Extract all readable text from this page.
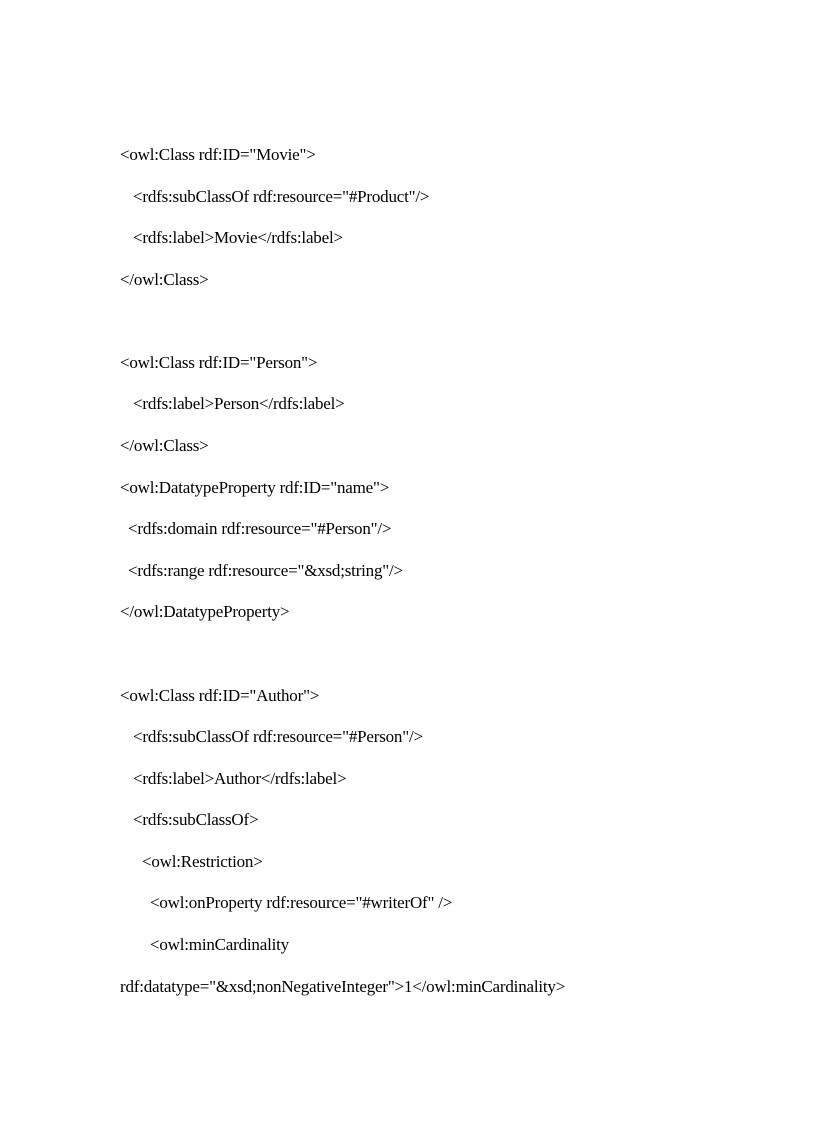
<owl:Class rdf:ID="Movie">
<rdfs:subClassOf rdf:resource="#Product"/>
<rdfs:label>Movie</rdfs:label>
</owl:Class>
<owl:Class rdf:ID="Person">
<rdfs:label>Person</rdfs:label>
</owl:Class>
<owl:DatatypeProperty rdf:ID="name">
<rdfs:domain rdf:resource="#Person"/>
<rdfs:range rdf:resource="&xsd;string"/>
</owl:DatatypeProperty>
<owl:Class rdf:ID="Author">
<rdfs:subClassOf rdf:resource="#Person"/>
<rdfs:label>Author</rdfs:label>
<rdfs:subClassOf>
<owl:Restriction>
<owl:onProperty rdf:resource="#writerOf" />
<owl:minCardinality
rdf:datatype="&xsd;nonNegativeInteger">1</owl:minCardinality>
